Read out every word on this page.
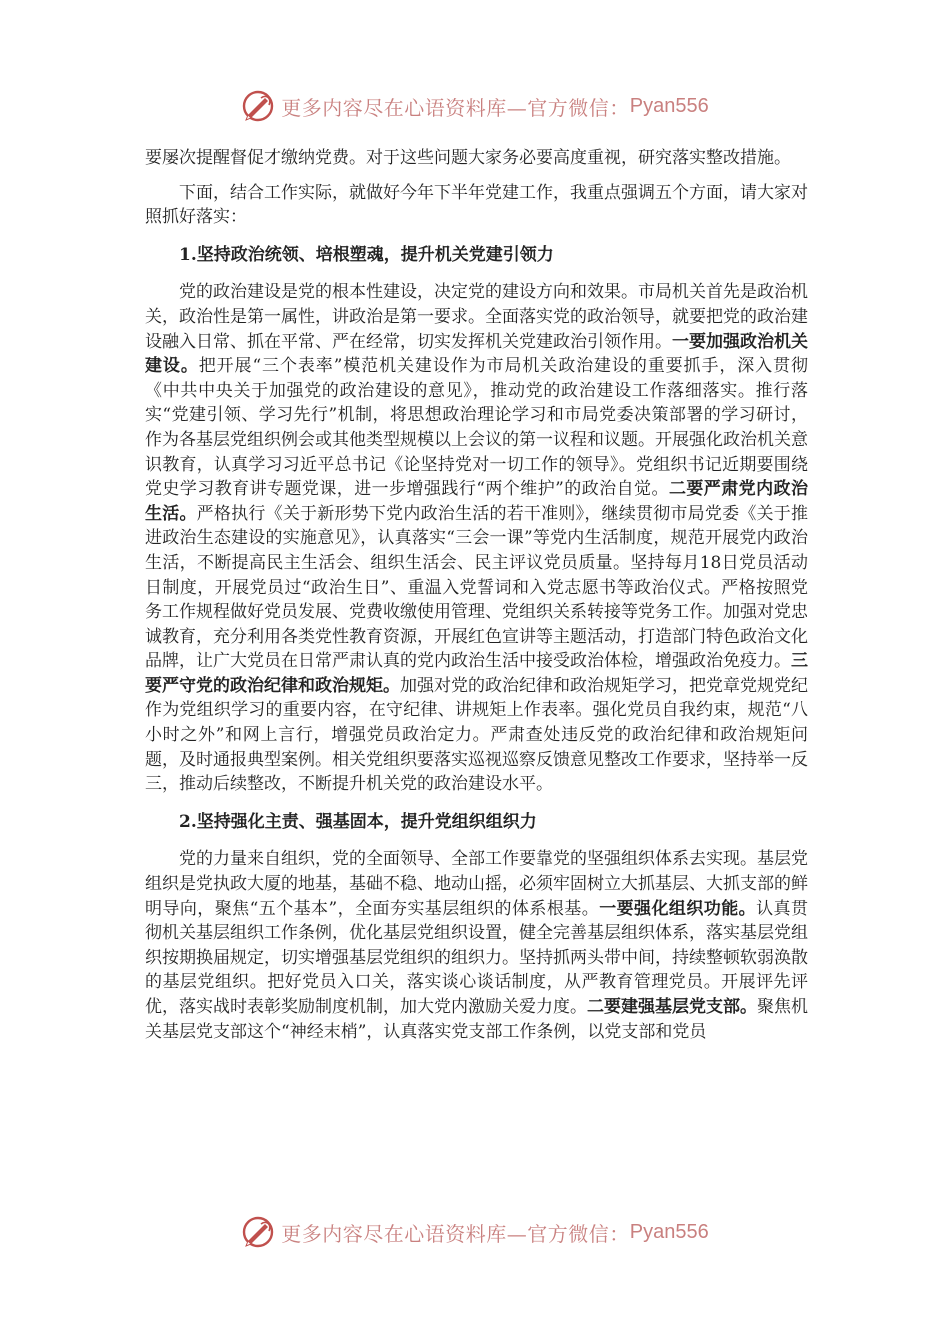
更多内容尽在心语资料库—官方微信： Pyan556

要屡次提醒督促才缴纳党费。对于这些问题大家务必要高度重视，研究落实整改措施。

下面，结合工作实际，就做好今年下半年党建工作，我重点强调五个方面，请大家对照抓好落实：

1.坚持政治统领、培根塑魂，提升机关党建引领力

党的政治建设是党的根本性建设，决定党的建设方向和效果。市局机关首先是政治机关，政治性是第一属性，讲政治是第一要求。全面落实党的政治领导，就要把党的政治建设融入日常、抓在平常、严在经常，切实发挥机关党建政治引领作用。一要加强政治机关建设。把开展“三个表率”模范机关建设作为市局机关政治建设的重要抓手，深入贯彻《中共中央关于加强党的政治建设的意见》，推动党的政治建设工作落细落实。推行落实“党建引领、学习先行”机制，将思想政治理论学习和市局党委决策部署的学习研讨，作为各基层党组织例会或其他类型规模以上会议的第一议程和议题。开展强化政治机关意识教育，认真学习习近平总书记《论坚持党对一切工作的领导》。党组织书记近期要围绕党史学习教育讲专题党课，进一步增强践行“两个维护”的政治自觉。二要严肃党内政治生活。严格执行《关于新形势下党内政治生活的若干准则》，继续贯彻市局党委《关于推进政治生态建设的实施意见》，认真落实“三会一课”等党内生活制度，规范开展党内政治生活，不断提高民主生活会、组织生活会、民主评议党员质量。坚持每月18日党员活动日制度，开展党员过“政治生日”、重温入党誓词和入党志愿书等政治仪式。严格按照党务工作规程做好党员发展、党费收缴使用管理、党组织关系转接等党务工作。加强对党忠诚教育，充分利用各类党性教育资源，开展红色宣讲等主题活动，打造部门特色政治文化品牌，让广大党员在日常严肃认真的党内政治生活中接受政治体检，增强政治免疫力。三要严守党的政治纪律和政治规矩。加强对党的政治纪律和政治规矩学习，把党章党规党纪作为党组织学习的重要内容，在守纪律、讲规矩上作表率。强化党员自我约束，规范“八小时之外”和网上言行，增强党员政治定力。严肃查处违反党的政治纪律和政治规矩问题，及时通报典型案例。相关党组织要落实巡视巡察反馈意见整改工作要求，坚持举一反三，推动后续整改，不断提升机关党的政治建设水平。

2.坚持强化主责、强基固本，提升党组织组织力

党的力量来自组织，党的全面领导、全部工作要靠党的坚强组织体系去实现。基层党组织是党执政大厦的地基，基础不稳、地动山摇，必须牢固树立大抓基层、大抓支部的鲜明导向，聚焦“五个基本”，全面夯实基层组织的体系根基。一要强化组织功能。认真贯彻机关基层组织工作条例，优化基层党组织设置，健全完善基层组织体系，落实基层党组织按期换届规定，切实增强基层党组织的组织力。坚持抓两头带中间，持续整顿软弱涣散的基层党组织。把好党员入口关，落实谈心谈话制度，从严教育管理党员。开展评先评优，落实战时表彰奖励制度机制，加大党内激励关爱力度。二要建强基层党支部。聚焦机关基层党支部这个“神经末梢”，认真落实党支部工作条例，以党支部和党员

更多内容尽在心语资料库—官方微信： Pyan556
